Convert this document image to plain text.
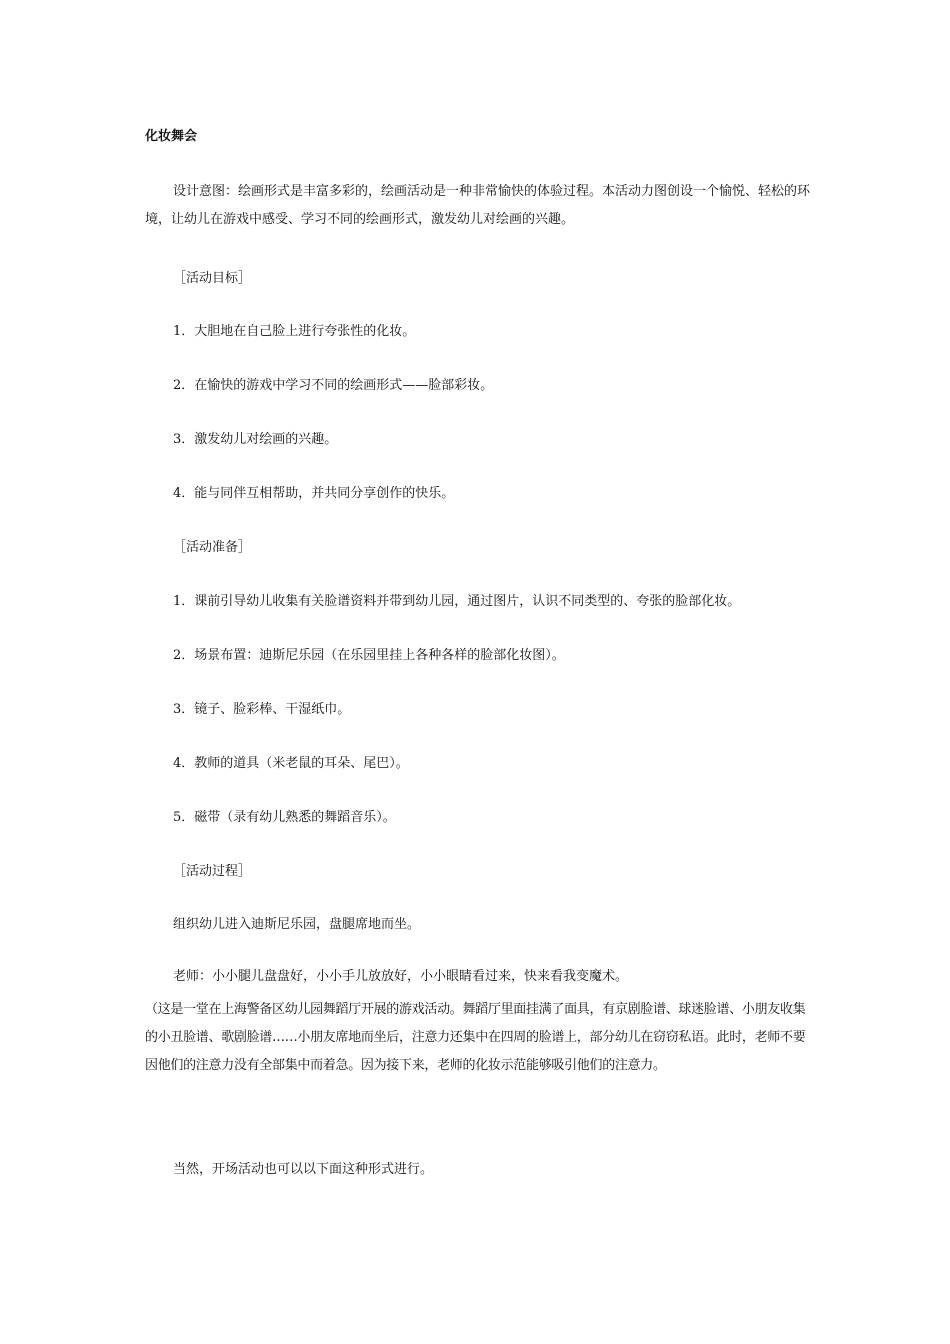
化妆舞会
设计意图：绘画形式是丰富多彩的，绘画活动是一种非常愉快的体验过程。本活动力图创设一个愉悦、轻松的环境，让幼儿在游戏中感受、学习不同的绘画形式，激发幼儿对绘画的兴趣。
［活动目标］
1．大胆地在自己脸上进行夸张性的化妆。
2．在愉快的游戏中学习不同的绘画形式——脸部彩妆。
3．激发幼儿对绘画的兴趣。
4．能与同伴互相帮助，并共同分享创作的快乐。
［活动准备］
1．课前引导幼儿收集有关脸谱资料并带到幼儿园，通过图片，认识不同类型的、夸张的脸部化妆。
2．场景布置：迪斯尼乐园（在乐园里挂上各种各样的脸部化妆图）。
3．镜子、脸彩棒、干湿纸巾。
4．教师的道具（米老鼠的耳朵、尾巴）。
5．磁带（录有幼儿熟悉的舞蹈音乐）。
［活动过程］
组织幼儿进入迪斯尼乐园，盘腿席地而坐。
老师：小小腿儿盘盘好，小小手儿放放好，小小眼睛看过来，快来看我变魔术。
（这是一堂在上海警备区幼儿园舞蹈厅开展的游戏活动。舞蹈厅里面挂满了面具，有京剧脸谱、球迷脸谱、小朋友收集的小丑脸谱、歌剧脸谱……小朋友席地而坐后，注意力还集中在四周的脸谱上，部分幼儿在窃窃私语。此时，老师不要因他们的注意力没有全部集中而着急。因为接下来，老师的化妆示范能够吸引他们的注意力。
当然，开场活动也可以以下面这种形式进行。
